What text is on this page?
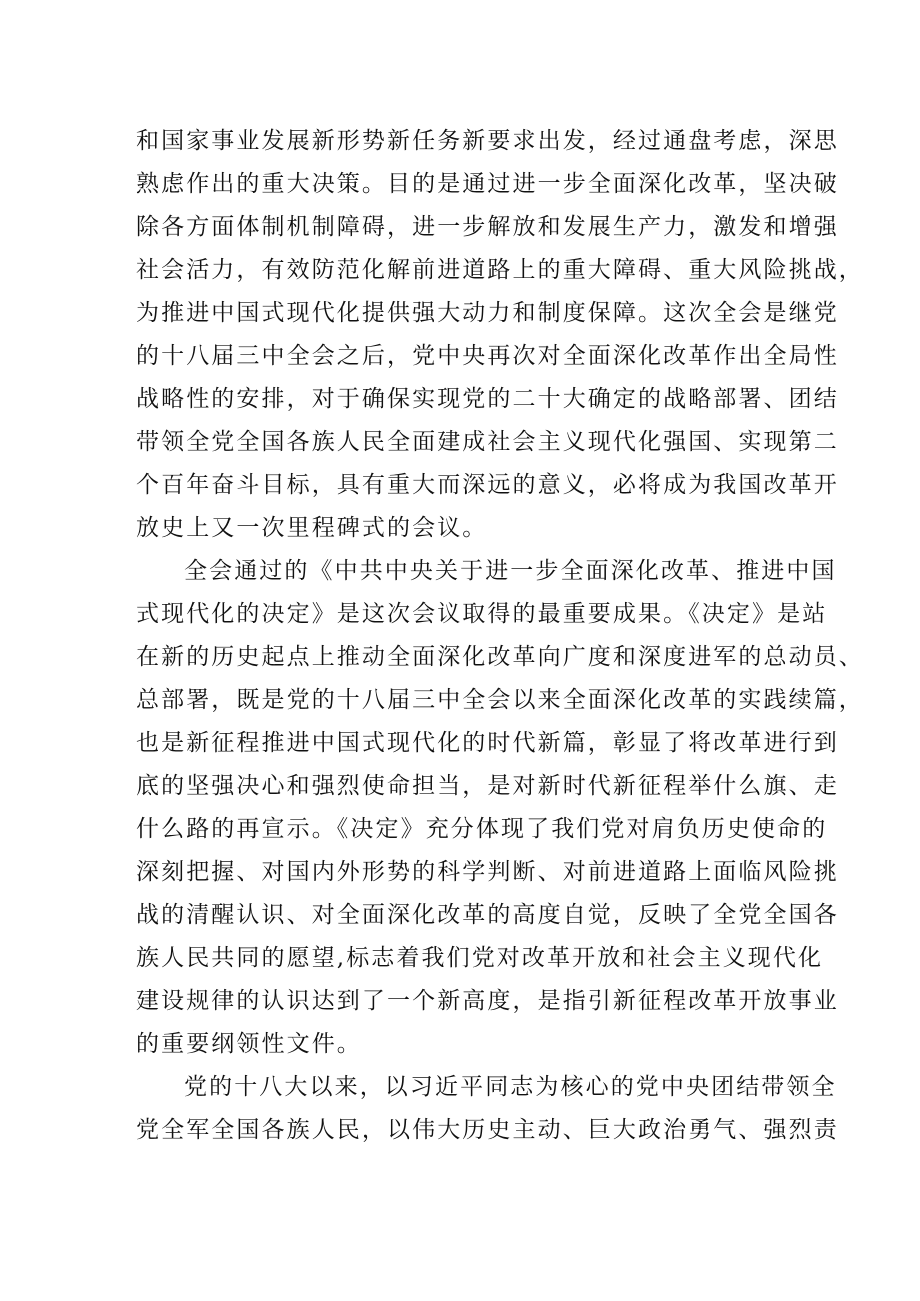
和国家事业发展新形势新任务新要求出发，经过通盘考虑，深思

熟虑作出的重大决策。目的是通过进一步全面深化改革，坚决破

除各方面体制机制障碍，进一步解放和发展生产力，激发和增强

社会活力，有效防范化解前进道路上的重大障碍、重大风险挑战，

为推进中国式现代化提供强大动力和制度保障。这次全会是继党

的十八届三中全会之后，党中央再次对全面深化改革作出全局性

战略性的安排，对于确保实现党的二十大确定的战略部署、团结

带领全党全国各族人民全面建成社会主义现代化强国、实现第二

个百年奋斗目标，具有重大而深远的意义，必将成为我国改革开

放史上又一次里程碑式的会议。

全会通过的《中共中央关于进一步全面深化改革、推进中国

式现代化的决定》是这次会议取得的最重要成果。《决定》是站

在新的历史起点上推动全面深化改革向广度和深度进军的总动员、

总部署，既是党的十八届三中全会以来全面深化改革的实践续篇，

也是新征程推进中国式现代化的时代新篇，彰显了将改革进行到

底的坚强决心和强烈使命担当，是对新时代新征程举什么旗、走

什么路的再宣示。《决定》充分体现了我们党对肩负历史使命的

深刻把握、对国内外形势的科学判断、对前进道路上面临风险挑

战的清醒认识、对全面深化改革的高度自觉，反映了全党全国各

族人民共同的愿望,标志着我们党对改革开放和社会主义现代化

建设规律的认识达到了一个新高度，是指引新征程改革开放事业

的重要纲领性文件。

党的十八大以来，以习近平同志为核心的党中央团结带领全

党全军全国各族人民，以伟大历史主动、巨大政治勇气、强烈责
